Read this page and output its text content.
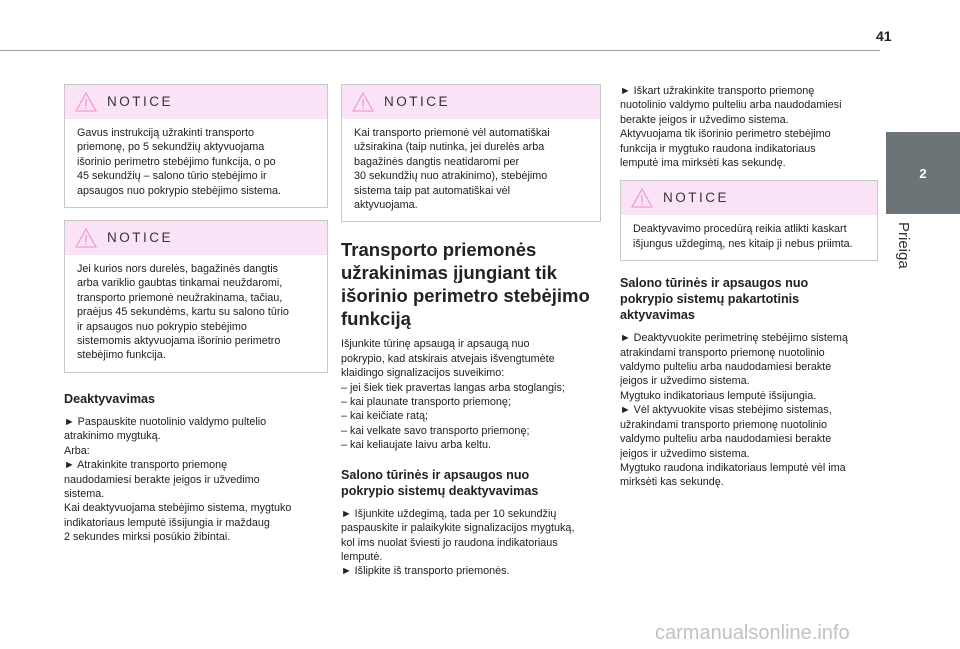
41
2
Prieiga
NOTICE

Gavus instrukciją užrakinti transporto
priemonę, po 5 sekundžių aktyvuojama
išorinio perimetro stebėjimo funkcija, o po
45 sekundžių – salono tūrio stebėjimo ir
apsaugos nuo pokrypio stebėjimo sistema.

NOTICE

Jei kurios nors durelės, bagažinės dangtis
arba variklio gaubtas tinkamai neuždaromi,
transporto priemonė neužrakinama, tačiau,
praėjus 45 sekundėms, kartu su salono tūrio
ir apsaugos nuo pokrypio stebėjimo
sistemomis aktyvuojama išorinio perimetro
stebėjimo funkcija.

Deaktyvavimas

► Paspauskite nuotolinio valdymo pultelio
atrakinimo mygtuką.
Arba:
► Atrakinkite transporto priemonę
naudodamiesi berakte įeigos ir užvedimo
sistema.
Kai deaktyvuojama stebėjimo sistema, mygtuko
indikatoriaus lemputė išsijungia ir maždaug
2 sekundes mirksi posūkio žibintai.

NOTICE

Kai transporto priemonė vėl automatiškai
užsirakina (taip nutinka, jei durelės arba
bagažinės dangtis neatidaromi per
30 sekundžių nuo atrakinimo), stebėjimo
sistema taip pat automatiškai vėl
aktyvuojama.

Transporto priemonės
užrakinimas įjungiant tik
išorinio perimetro stebėjimo
funkciją

Išjunkite tūrinę apsaugą ir apsaugą nuo
pokrypio, kad atskirais atvejais išvengtumėte
klaidingo signalizacijos suveikimo:
– jei šiek tiek pravertas langas arba stoglangis;
– kai plaunate transporto priemonę;
– kai keičiate ratą;
– kai velkate savo transporto priemonę;
– kai keliaujate laivu arba keltu.

Salono tūrinės ir apsaugos nuo
pokrypio sistemų deaktyvavimas

► Išjunkite uždegimą, tada per 10 sekundžių
paspauskite ir palaikykite signalizacijos mygtuką,
kol ims nuolat šviesti jo raudona indikatoriaus
lemputė.
► Išlipkite iš transporto priemonės.

► Iškart užrakinkite transporto priemonę
nuotolinio valdymo pulteliu arba naudodamiesi
berakte įeigos ir užvedimo sistema.
Aktyvuojama tik išorinio perimetro stebėjimo
funkcija ir mygtuko raudona indikatoriaus
lemputė ima mirksėti kas sekundę.

NOTICE

Deaktyvavimo procedūrą reikia atlikti kaskart
išjungus uždegimą, nes kitaip ji nebus priimta.

Salono tūrinės ir apsaugos nuo
pokrypio sistemų pakartotinis
aktyvavimas

► Deaktyvuokite perimetrinę stebėjimo sistemą
atrakindami transporto priemonę nuotolinio
valdymo pulteliu arba naudodamiesi berakte
įeigos ir užvedimo sistema.
Mygtuko indikatoriaus lemputė išsijungia.
► Vėl aktyvuokite visas stebėjimo sistemas,
užrakindami transporto priemonę nuotolinio
valdymo pulteliu arba naudodamiesi berakte
įeigos ir užvedimo sistema.
Mygtuko raudona indikatoriaus lemputė vėl ima
mirksėti kas sekundę.

carmanualsonline.info
